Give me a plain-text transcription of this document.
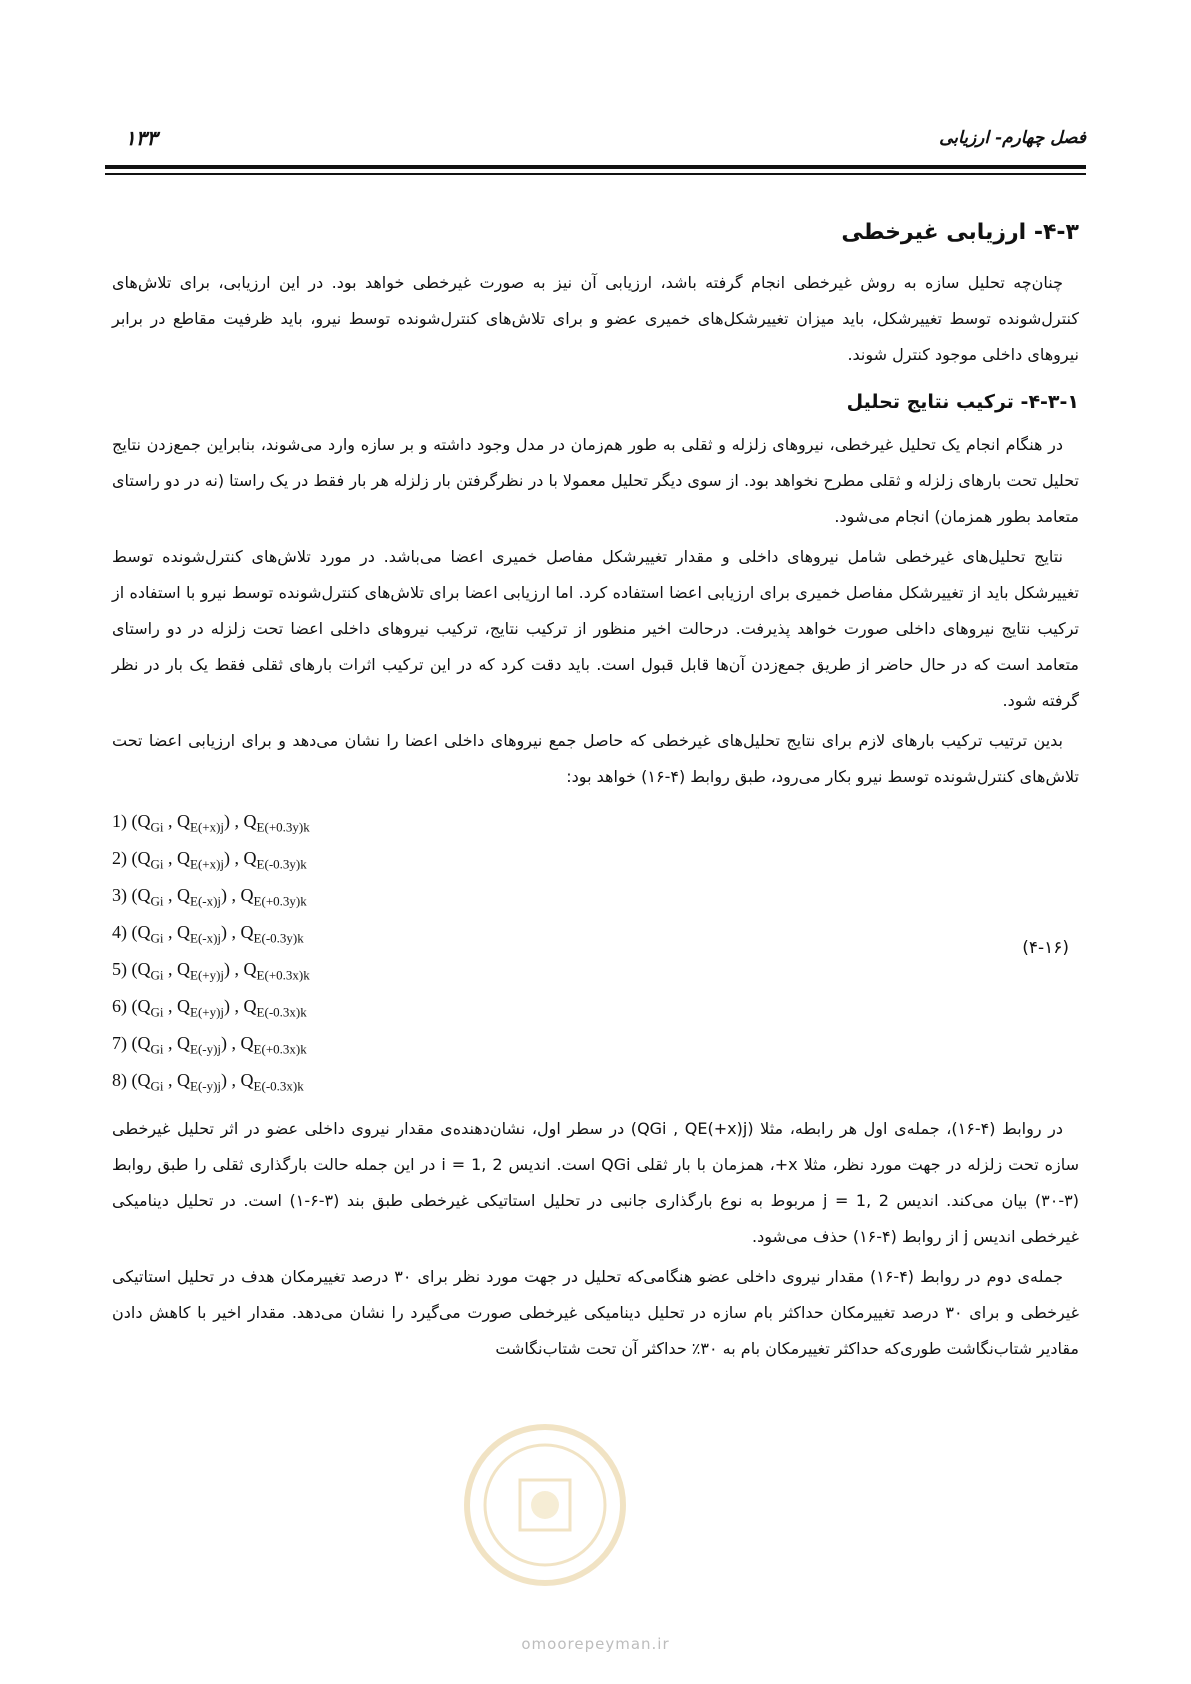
فصل چهارم- ارزیابی
۱۳۳
۴-۳- ارزیابی غیرخطی

چنان‌چه تحلیل سازه به روش غیرخطی انجام گرفته باشد، ارزیابی آن نیز به صورت غیرخطی خواهد بود. در این ارزیابی، برای تلاش‌های کنترل‌شونده توسط تغییرشکل، باید میزان تغییرشکل‌های خمیری عضو و برای تلاش‌های کنترل‌شونده توسط نیرو، باید ظرفیت مقاطع در برابر نیروهای داخلی موجود کنترل شوند.

۴-۳-۱- ترکیب نتایج تحلیل

در هنگام انجام یک تحلیل غیرخطی، نیروهای زلزله و ثقلی به طور هم‌زمان در مدل وجود داشته و بر سازه وارد می‌شوند، بنابراین جمع‌زدن نتایج تحلیل تحت بارهای زلزله و ثقلی مطرح نخواهد بود. از سوی دیگر تحلیل معمولا با در نظرگرفتن بار زلزله هر بار فقط در یک راستا (نه در دو راستای متعامد بطور همزمان) انجام می‌شود.

نتایج تحلیل‌های غیرخطی شامل نیروهای داخلی و مقدار تغییرشکل مفاصل خمیری اعضا می‌باشد. در مورد تلاش‌های کنترل‌شونده توسط تغییرشکل باید از تغییرشکل مفاصل خمیری برای ارزیابی اعضا استفاده کرد. اما ارزیابی اعضا برای تلاش‌های کنترل‌شونده توسط نیرو با استفاده از ترکیب نتایج نیروهای داخلی صورت خواهد پذیرفت. درحالت اخیر منظور از ترکیب نتایج، ترکیب نیروهای داخلی اعضا تحت زلزله در دو راستای متعامد است که در حال حاضر از طریق جمع‌زدن آن‌ها قابل قبول است. باید دقت کرد که در این ترکیب اثرات بارهای ثقلی فقط یک بار در نظر گرفته شود.

بدین ترتیب ترکیب بارهای لازم برای نتایج تحلیل‌های غیرخطی که حاصل جمع نیروهای داخلی اعضا را نشان می‌دهد و برای ارزیابی اعضا تحت تلاش‌های کنترل‌شونده توسط نیرو بکار می‌رود، طبق روابط (۴-۱۶) خواهد بود:

1) ($Q_{Gi}$ , $Q_{E(+x)j}$) , $Q_{E(+0.3y)k}$
2) ($Q_{Gi}$ , $Q_{E(+x)j}$) , $Q_{E(-0.3y)k}$
3) ($Q_{Gi}$ , $Q_{E(-x)j}$) , $Q_{E(+0.3y)k}$
4) ($Q_{Gi}$ , $Q_{E(-x)j}$) , $Q_{E(-0.3y)k}$
5) ($Q_{Gi}$ , $Q_{E(+y)j}$) , $Q_{E(+0.3x)k}$
6) ($Q_{Gi}$ , $Q_{E(+y)j}$) , $Q_{E(-0.3x)k}$
7) ($Q_{Gi}$ , $Q_{E(-y)j}$) , $Q_{E(+0.3x)k}$
8) ($Q_{Gi}$ , $Q_{E(-y)j}$) , $Q_{E(-0.3x)k}$
(۴-۱۶)

در روابط (۴-۱۶)، جمله‌ی اول هر رابطه، مثلا (QGi , QE(+x)j) در سطر اول، نشان‌دهنده‌ی مقدار نیروی داخلی عضو در اثر تحلیل غیرخطی سازه تحت زلزله در جهت مورد نظر، مثلا x+، همزمان با بار ثقلی QGi است. اندیس i = 1, 2 در این جمله حالت بارگذاری ثقلی را طبق روابط (۳-۳۰) بیان می‌کند. اندیس j = 1, 2 مربوط به نوع بارگذاری جانبی در تحلیل استاتیکی غیرخطی طبق بند (۳-۶-۱) است. در تحلیل دینامیکی غیرخطی اندیس j از روابط (۴-۱۶) حذف می‌شود.

جمله‌ی دوم در روابط (۴-۱۶) مقدار نیروی داخلی عضو هنگامی‌که تحلیل در جهت مورد نظر برای ۳۰ درصد تغییرمکان هدف در تحلیل استاتیکی غیرخطی و برای ۳۰ درصد تغییرمکان حداکثر بام سازه در تحلیل دینامیکی غیرخطی صورت می‌گیرد را نشان می‌دهد. مقدار اخیر با کاهش دادن مقادیر شتاب‌نگاشت طوری‌که حداکثر تغییرمکان بام به ۳۰٪ حداکثر آن تحت شتاب‌نگاشت

omoorepeyman.ir
